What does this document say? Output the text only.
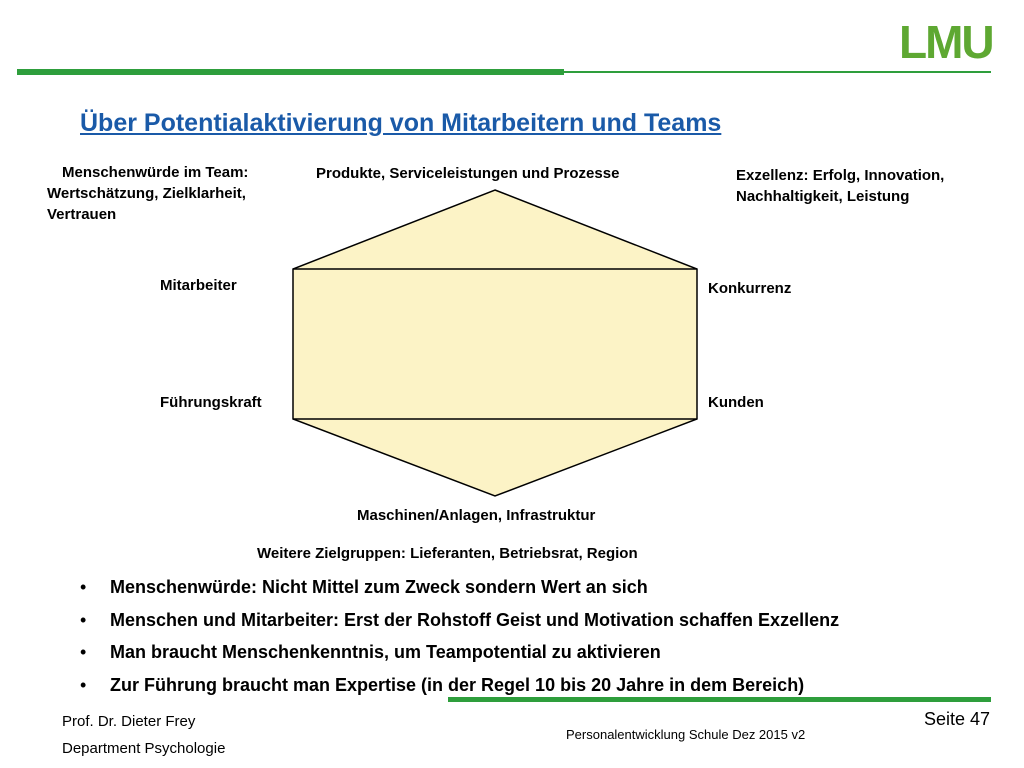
LMU
Über Potentialaktivierung von Mitarbeitern und Teams
Menschenwürde im Team:
Wertschätzung, Zielklarheit,
Vertrauen
Produkte, Serviceleistungen und Prozesse	Exzellenz: Erfolg, Innovation,
Nachhaltigkeit, Leistung
Mitarbeiter
Führungskraft
Konkurrenz
Kunden
Maschinen/Anlagen, Infrastruktur
Weitere Zielgruppen: Lieferanten, Betriebsrat, Region
• Menschenwürde: Nicht Mittel zum Zweck sondern Wert an sich
• Menschen und Mitarbeiter: Erst der Rohstoff Geist und Motivation schaffen Exzellenz
• Man braucht Menschenkenntnis, um Teampotential zu aktivieren
• Zur Führung braucht man Expertise (in der Regel 10 bis 20 Jahre in dem Bereich)
Prof. Dr. Dieter Frey
Department Psychologie
Personalentwicklung Schule Dez 2015 v2
Seite 47
